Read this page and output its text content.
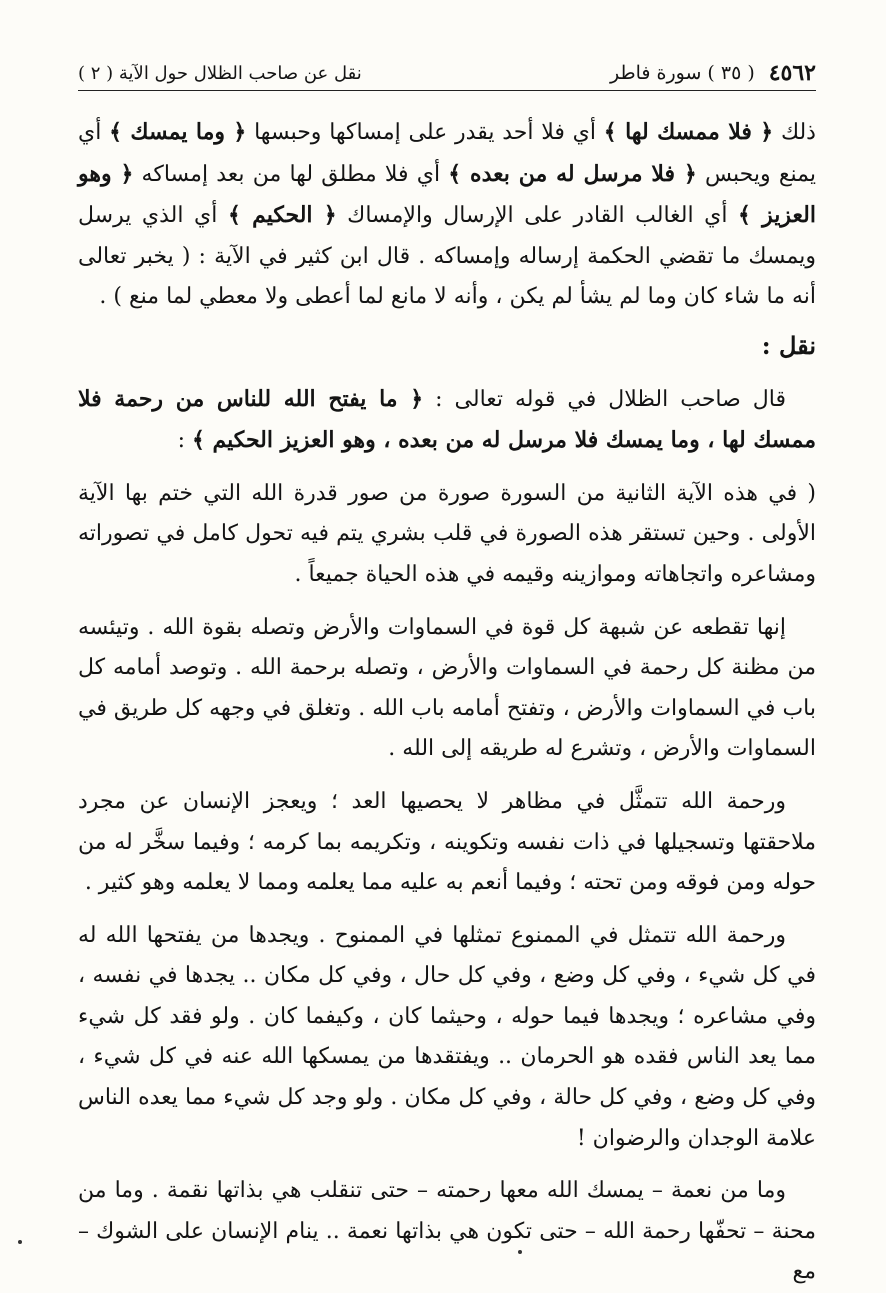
٤٥٦٢
( ٣٥ ) سورة فاطر
نقل عن صاحب الظلال حول الآية ( ٢ )

ذلك ﴿ فلا ممسك لها ﴾ أي فلا أحد يقدر على إمساكها وحبسها ﴿ وما يمسك ﴾ أي يمنع ويحبس ﴿ فلا مرسل له من بعده ﴾ أي فلا مطلق لها من بعد إمساكه ﴿ وهو العزيز ﴾ أي الغالب القادر على الإرسال والإمساك ﴿ الحكيم ﴾ أي الذي يرسل ويمسك ما تقضي الحكمة إرساله وإمساكه . قال ابن كثير في الآية : ( يخبر تعالى أنه ما شاء كان وما لم يشأ لم يكن ، وأنه لا مانع لما أعطى ولا معطي لما منع ) .

نقل :

قال صاحب الظلال في قوله تعالى : ﴿ ما يفتح الله للناس من رحمة فلا ممسك لها ، وما يمسك فلا مرسل له من بعده ، وهو العزيز الحكيم ﴾ :

( في هذه الآية الثانية من السورة صورة من صور قدرة الله التي ختم بها الآية الأولى . وحين تستقر هذه الصورة في قلب بشري يتم فيه تحول كامل في تصوراته ومشاعره واتجاهاته وموازينه وقيمه في هذه الحياة جميعاً .

إنها تقطعه عن شبهة كل قوة في السماوات والأرض وتصله بقوة الله . وتيئسه من مظنة كل رحمة في السماوات والأرض ، وتصله برحمة الله . وتوصد أمامه كل باب في السماوات والأرض ، وتفتح أمامه باب الله . وتغلق في وجهه كل طريق في السماوات والأرض ، وتشرع له طريقه إلى الله .

ورحمة الله تتمثَّل في مظاهر لا يحصيها العد ؛ ويعجز الإنسان عن مجرد ملاحقتها وتسجيلها في ذات نفسه وتكوينه ، وتكريمه بما كرمه ؛ وفيما سخَّر له من حوله ومن فوقه ومن تحته ؛ وفيما أنعم به عليه مما يعلمه ومما لا يعلمه وهو كثير .

ورحمة الله تتمثل في الممنوع تمثلها في الممنوح . ويجدها من يفتحها الله له في كل شيء ، وفي كل وضع ، وفي كل حال ، وفي كل مكان .. يجدها في نفسه ، وفي مشاعره ؛ ويجدها فيما حوله ، وحيثما كان ، وكيفما كان . ولو فقد كل شيء مما يعد الناس فقده هو الحرمان .. ويفتقدها من يمسكها الله عنه في كل شيء ، وفي كل وضع ، وفي كل حالة ، وفي كل مكان . ولو وجد كل شيء مما يعده الناس علامة الوجدان والرضوان !

وما من نعمة – يمسك الله معها رحمته – حتى تنقلب هي بذاتها نقمة . وما من محنة – تحفّها رحمة الله – حتى تكون هي بذاتها نعمة .. ينام الإنسان على الشوك – مع
